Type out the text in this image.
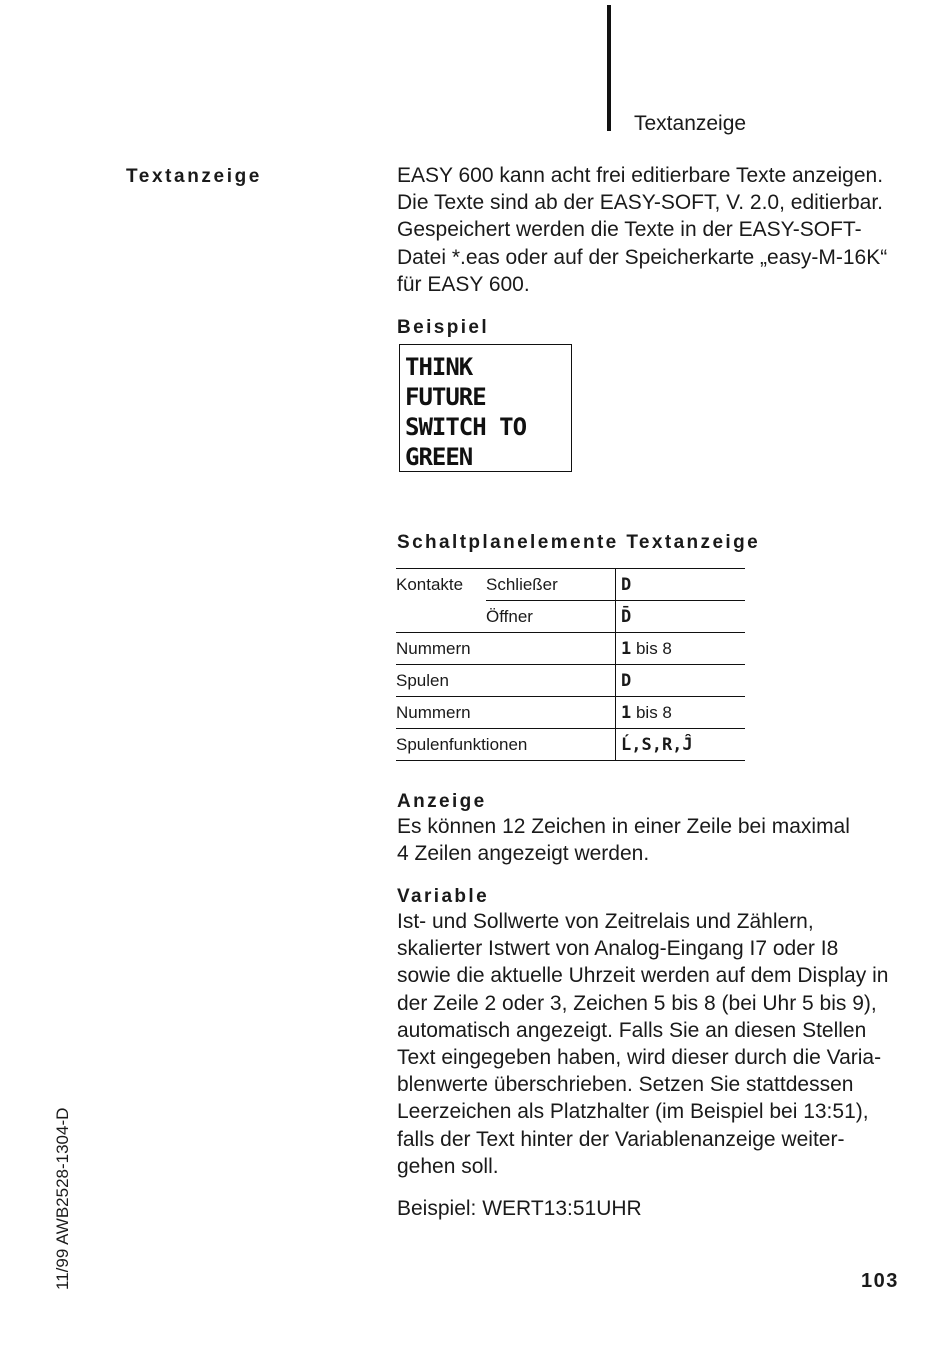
Textanzeige
Textanzeige	EASY 600 kann acht frei editierbare Texte anzeigen.

Die Texte sind ab der EASY-SOFT, V. 2.0, editierbar.

Gespeichert werden die Texte in der EASY-SOFT-

Datei *.eas oder auf der Speicherkarte „easy-M-16K“

für EASY 600.

Beispiel
THINK
FUTURE
SWITCH TO
GREEN
Schaltplanelemente Textanzeige
Kontakte	Schließer	D
	Öffner	D̄
Nummern		1 bis 8
Spulen		D
Nummern		1 bis 8
Spulenfunktionen		Ĺ,S,R,Ĵ
Anzeige

Es können 12 Zeichen in einer Zeile bei maximal

4 Zeilen angezeigt werden.

Variable

Ist- und Sollwerte von Zeitrelais und Zählern,

skalierter Istwert von Analog-Eingang I7 oder I8

sowie die aktuelle Uhrzeit werden auf dem Display in

der Zeile 2 oder 3, Zeichen 5 bis 8 (bei Uhr 5 bis 9),

automatisch angezeigt. Falls Sie an diesen Stellen

Text eingegeben haben, wird dieser durch die Varia-

blenwerte überschrieben. Setzen Sie stattdessen

Leerzeichen als Platzhalter (im Beispiel bei 13:51),

falls der Text hinter der Variablenanzeige weiter-

gehen soll.

Beispiel: WERT13:51UHR
11/99 AWB2528-1304-D	103
